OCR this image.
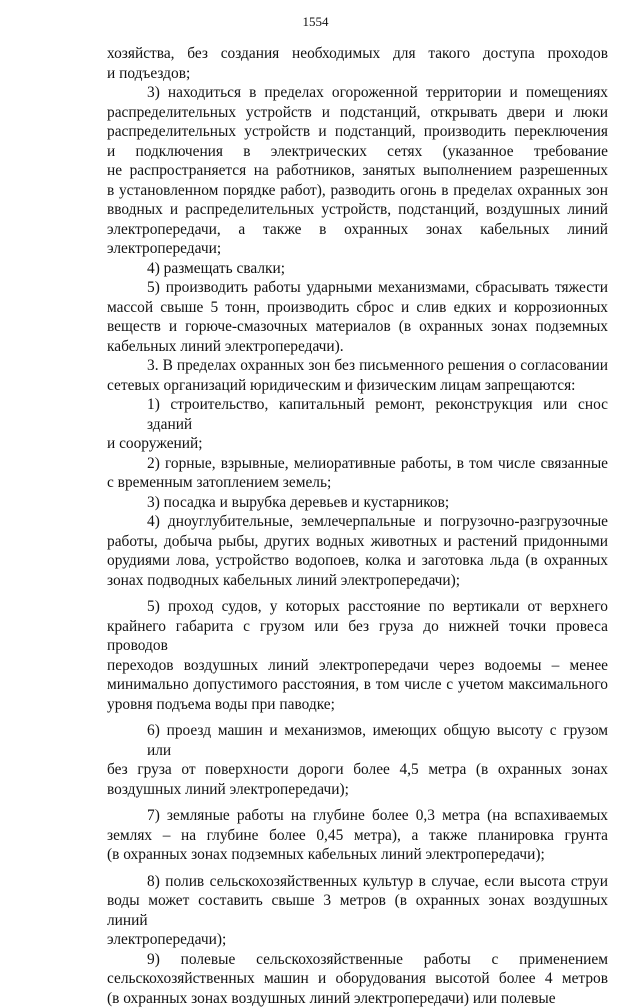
1554
хозяйства, без создания необходимых для такого доступа проходов
и подъездов;
3) находиться в пределах огороженной территории и помещениях
распределительных устройств и подстанций, открывать двери и люки
распределительных устройств и подстанций, производить переключения
и подключения в электрических сетях (указанное требование
не распространяется на работников, занятых выполнением разрешенных
в установленном порядке работ), разводить огонь в пределах охранных зон
вводных и распределительных устройств, подстанций, воздушных линий
электропередачи, а также в охранных зонах кабельных линий
электропередачи;
4) размещать свалки;
5) производить работы ударными механизмами, сбрасывать тяжести
массой свыше 5 тонн, производить сброс и слив едких и коррозионных
веществ и горюче-смазочных материалов (в охранных зонах подземных
кабельных линий электропередачи).
3. В пределах охранных зон без письменного решения о согласовании
сетевых организаций юридическим и физическим лицам запрещаются:
1) строительство, капитальный ремонт, реконструкция или снос зданий
и сооружений;
2) горные, взрывные, мелиоративные работы, в том числе связанные
с временным затоплением земель;
3) посадка и вырубка деревьев и кустарников;
4) дноуглубительные, землечерпальные и погрузочно-разгрузочные
работы, добыча рыбы, других водных животных и растений придонными
орудиями лова, устройство водопоев, колка и заготовка льда (в охранных
зонах подводных кабельных линий электропередачи);
5) проход судов, у которых расстояние по вертикали от верхнего
крайнего габарита с грузом или без груза до нижней точки провеса проводов
переходов воздушных линий электропередачи через водоемы – менее
минимально допустимого расстояния, в том числе с учетом максимального
уровня подъема воды при паводке;
6) проезд машин и механизмов, имеющих общую высоту с грузом или
без груза от поверхности дороги более 4,5 метра (в охранных зонах
воздушных линий электропередачи);
7) земляные работы на глубине более 0,3 метра (на вспахиваемых
землях – на глубине более 0,45 метра), а также планировка грунта
(в охранных зонах подземных кабельных линий электропередачи);
8) полив сельскохозяйственных культур в случае, если высота струи
воды может составить свыше 3 метров (в охранных зонах воздушных линий
электропередачи);
9) полевые сельскохозяйственные работы с применением
сельскохозяйственных машин и оборудования высотой более 4 метров
(в охранных зонах воздушных линий электропередачи) или полевые
